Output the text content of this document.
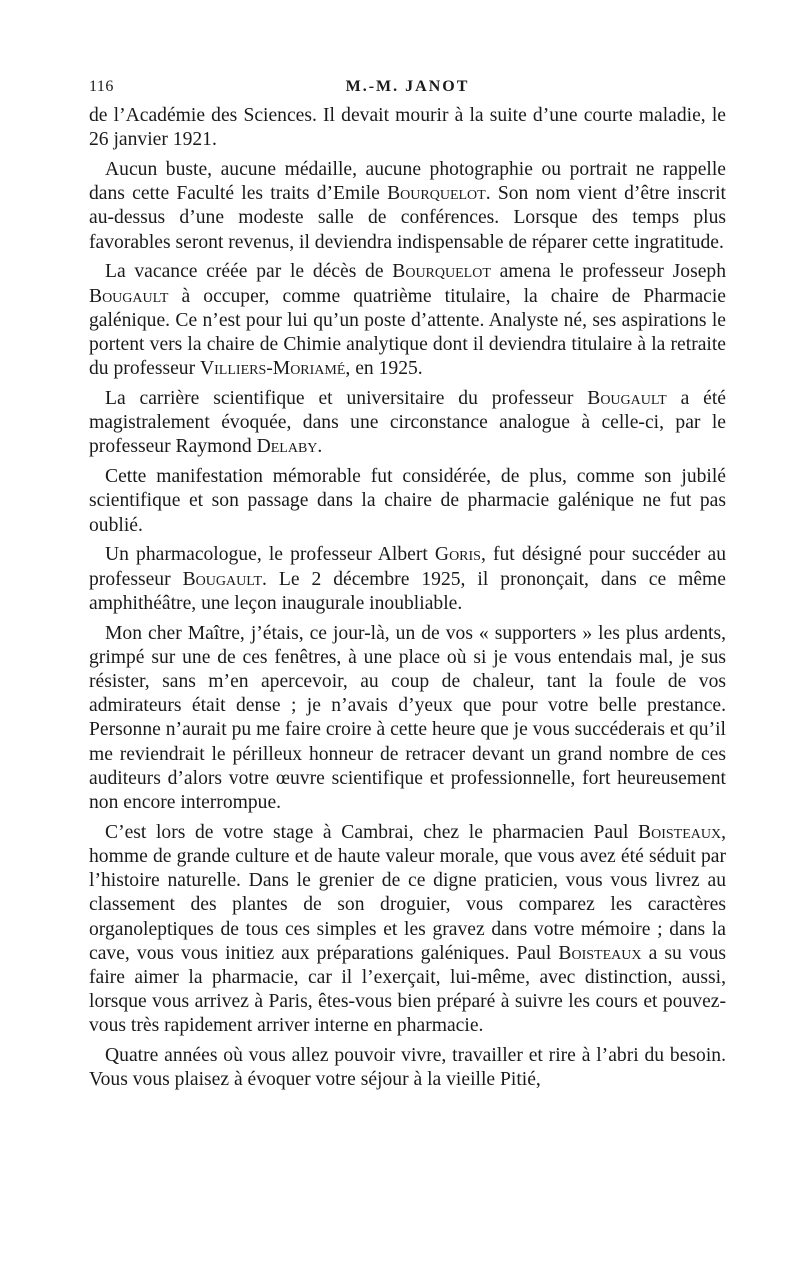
116	M.-M. JANOT

de l’Académie des Sciences. Il devait mourir à la suite d’une courte maladie, le 26 janvier 1921.

Aucun buste, aucune médaille, aucune photographie ou portrait ne rappelle dans cette Faculté les traits d’Emile Bourquelot. Son nom vient d’être inscrit au-dessus d’une modeste salle de conférences. Lorsque des temps plus favorables seront revenus, il deviendra indispensable de réparer cette ingratitude.

La vacance créée par le décès de Bourquelot amena le professeur Joseph Bougault à occuper, comme quatrième titulaire, la chaire de Pharmacie galénique. Ce n’est pour lui qu’un poste d’attente. Analyste né, ses aspirations le portent vers la chaire de Chimie analytique dont il deviendra titulaire à la retraite du professeur Villiers-Moriamé, en 1925.

La carrière scientifique et universitaire du professeur Bougault a été magistralement évoquée, dans une circonstance analogue à celle-ci, par le professeur Raymond Delaby.

Cette manifestation mémorable fut considérée, de plus, comme son jubilé scientifique et son passage dans la chaire de pharmacie galénique ne fut pas oublié.

Un pharmacologue, le professeur Albert Goris, fut désigné pour succéder au professeur Bougault. Le 2 décembre 1925, il prononçait, dans ce même amphithéâtre, une leçon inaugurale inoubliable.

Mon cher Maître, j’étais, ce jour-là, un de vos « supporters » les plus ardents, grimpé sur une de ces fenêtres, à une place où si je vous entendais mal, je sus résister, sans m’en apercevoir, au coup de chaleur, tant la foule de vos admirateurs était dense ; je n’avais d’yeux que pour votre belle prestance. Personne n’aurait pu me faire croire à cette heure que je vous succéderais et qu’il me reviendrait le périlleux honneur de retracer devant un grand nombre de ces auditeurs d’alors votre œuvre scientifique et professionnelle, fort heureusement non encore interrompue.

C’est lors de votre stage à Cambrai, chez le pharmacien Paul Boisteaux, homme de grande culture et de haute valeur morale, que vous avez été séduit par l’histoire naturelle. Dans le grenier de ce digne praticien, vous vous livrez au classement des plantes de son droguier, vous comparez les caractères organoleptiques de tous ces simples et les gravez dans votre mémoire ; dans la cave, vous vous initiez aux préparations galéniques. Paul Boisteaux a su vous faire aimer la pharmacie, car il l’exerçait, lui-même, avec distinction, aussi, lorsque vous arrivez à Paris, êtes-vous bien préparé à suivre les cours et pouvez-vous très rapidement arriver interne en pharmacie.

Quatre années où vous allez pouvoir vivre, travailler et rire à l’abri du besoin. Vous vous plaisez à évoquer votre séjour à la vieille Pitié,
